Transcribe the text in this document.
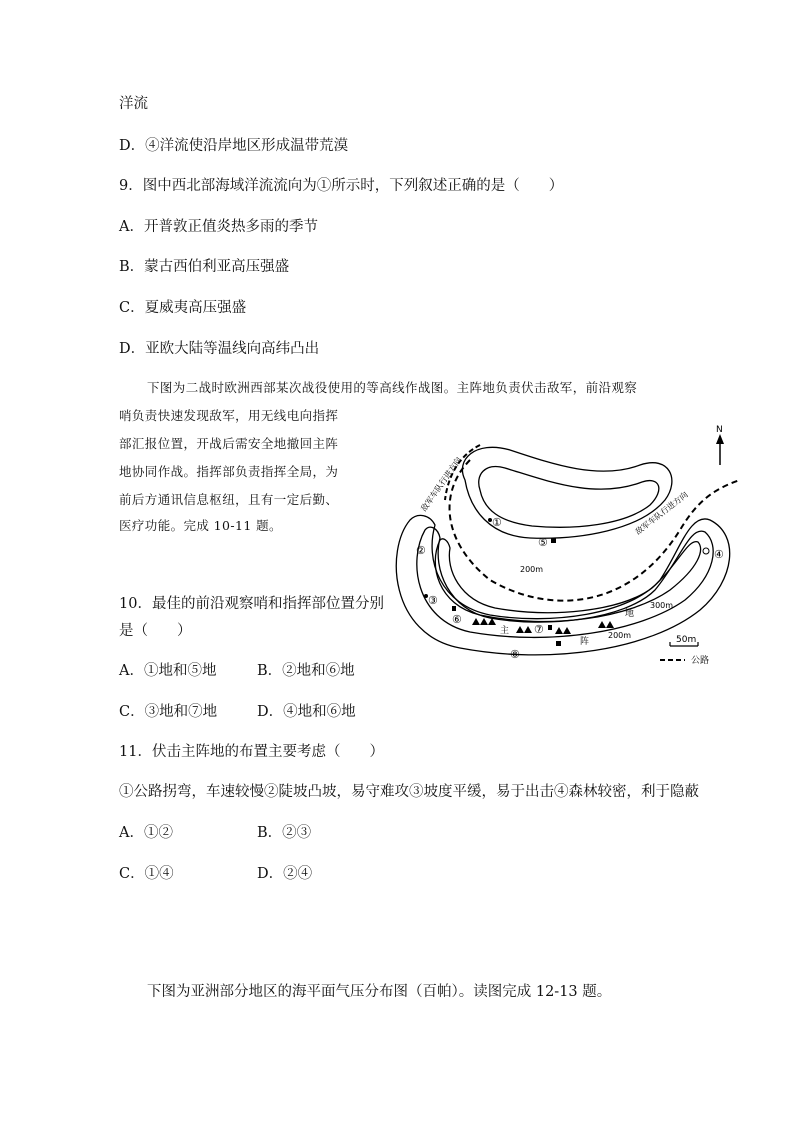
洋流
D．④洋流使沿岸地区形成温带荒漠
9．图中西北部海域洋流流向为①所示时，下列叙述正确的是（　　）
A．开普敦正值炎热多雨的季节
B．蒙古西伯利亚高压强盛
C．夏威夷高压强盛
D．亚欧大陆等温线向高纬凸出
下图为二战时欧洲西部某次战役使用的等高线作战图。主阵地负责伏击敌军，前沿观察
哨负责快速发现敌军，用无线电向指挥
部汇报位置，开战后需安全地撤回主阵
地协同作战。指挥部负责指挥全局，为
前后方通讯信息枢纽，且有一定后勤、
医疗功能。完成 10-11 题。
10．最佳的前沿观察哨和指挥部位置分别
是（　　）
A．①地和⑤地	B．②地和⑥地
C．③地和⑦地	D．④地和⑥地
11．伏击主阵地的布置主要考虑（　　）
①公路拐弯，车速较慢②陡坡凸坡，易守难攻③坡度平缓，易于出击④森林较密，利于隐蔽
A．①②	B．②③
C．①④	D．②④
下图为亚洲部分地区的海平面气压分布图（百帕）。读图完成 12-13 题。
N
敌军车队行进方向
敌军车队行进方向
200m
300m
200m
主
阵
地
①
②
③
④
⑤
⑥
⑦
⑧
50m
公路
